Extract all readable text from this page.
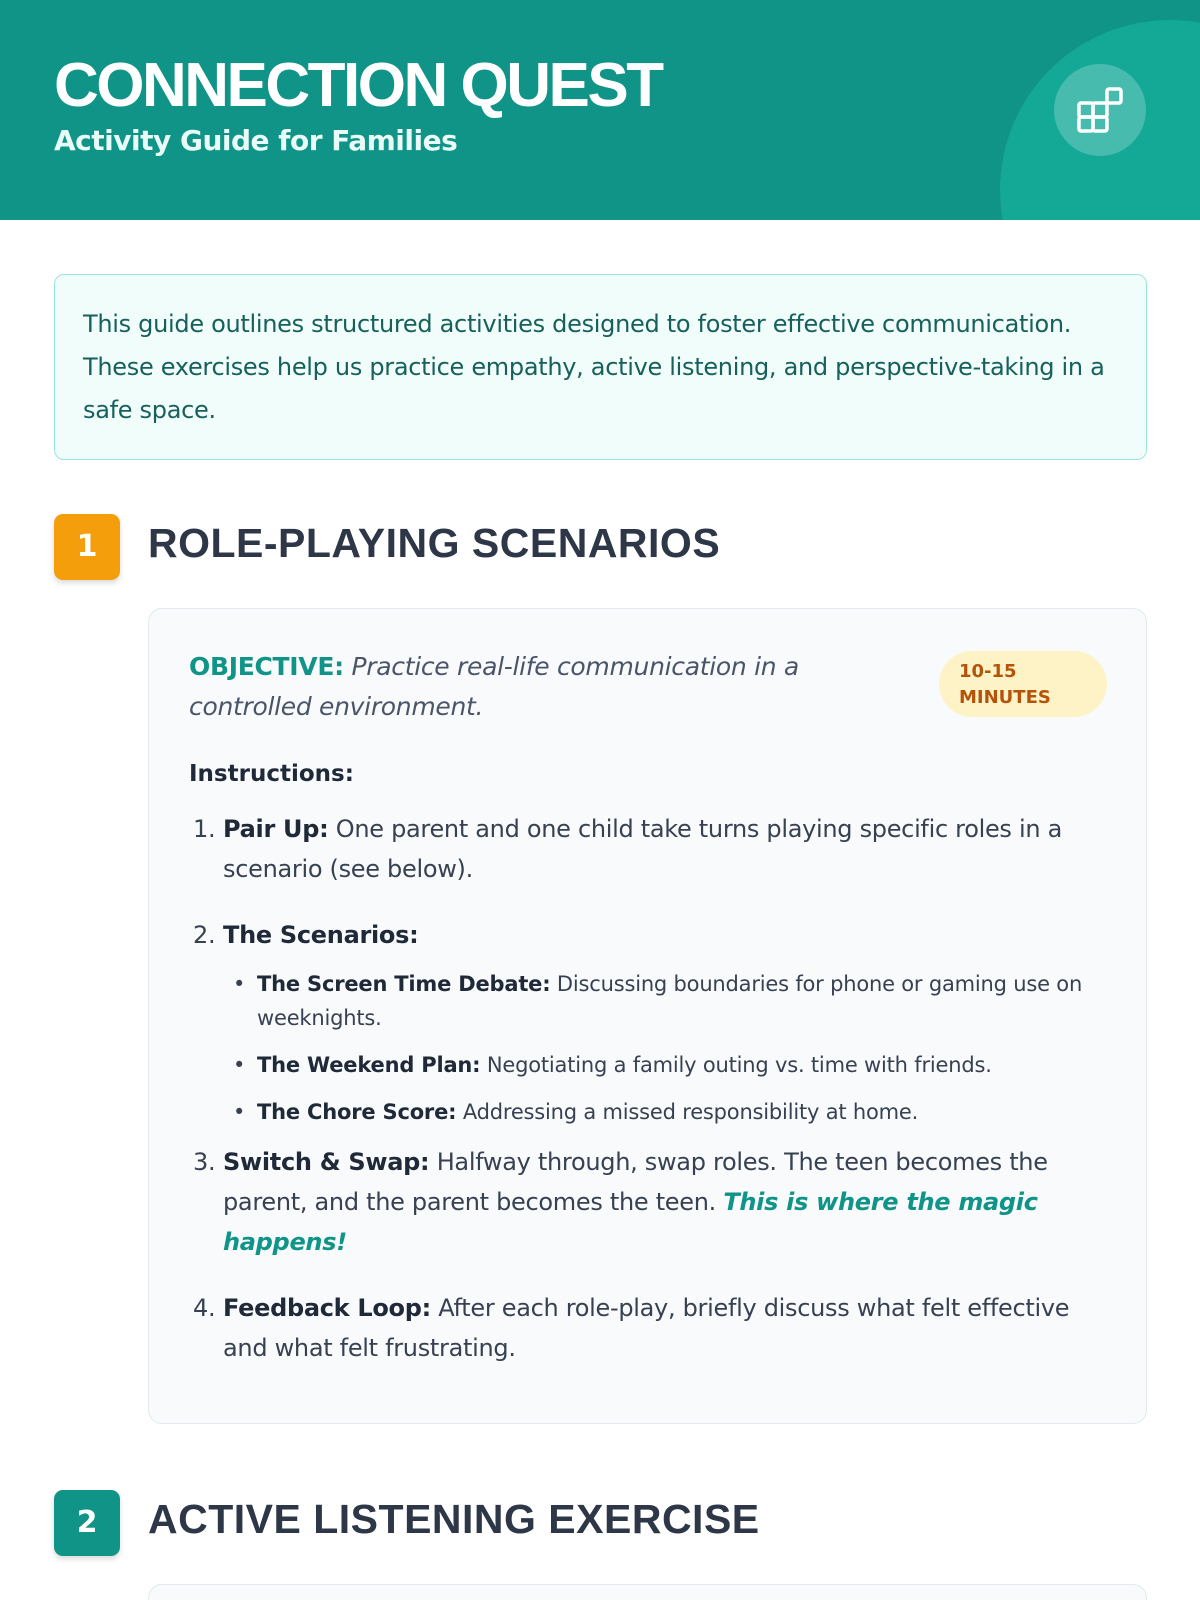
CONNECTION QUEST
Activity Guide for Families

This guide outlines structured activities designed to foster effective communication. These exercises help us practice empathy, active listening, and perspective-taking in a safe space.

1	ROLE-PLAYING SCENARIOS
OBJECTIVE: Practice real-life communication in a controlled environment.
10-15
MINUTES
Instructions:
1. Pair Up: One parent and one child take turns playing specific roles in a scenario (see below).
2. The Scenarios:
• The Screen Time Debate: Discussing boundaries for phone or gaming use on weeknights.
• The Weekend Plan: Negotiating a family outing vs. time with friends.
• The Chore Score: Addressing a missed responsibility at home.
3. Switch & Swap: Halfway through, swap roles. The teen becomes the parent, and the parent becomes the teen. This is where the magic happens!
4. Feedback Loop: After each role-play, briefly discuss what felt effective and what felt frustrating.
2	ACTIVE LISTENING EXERCISE
